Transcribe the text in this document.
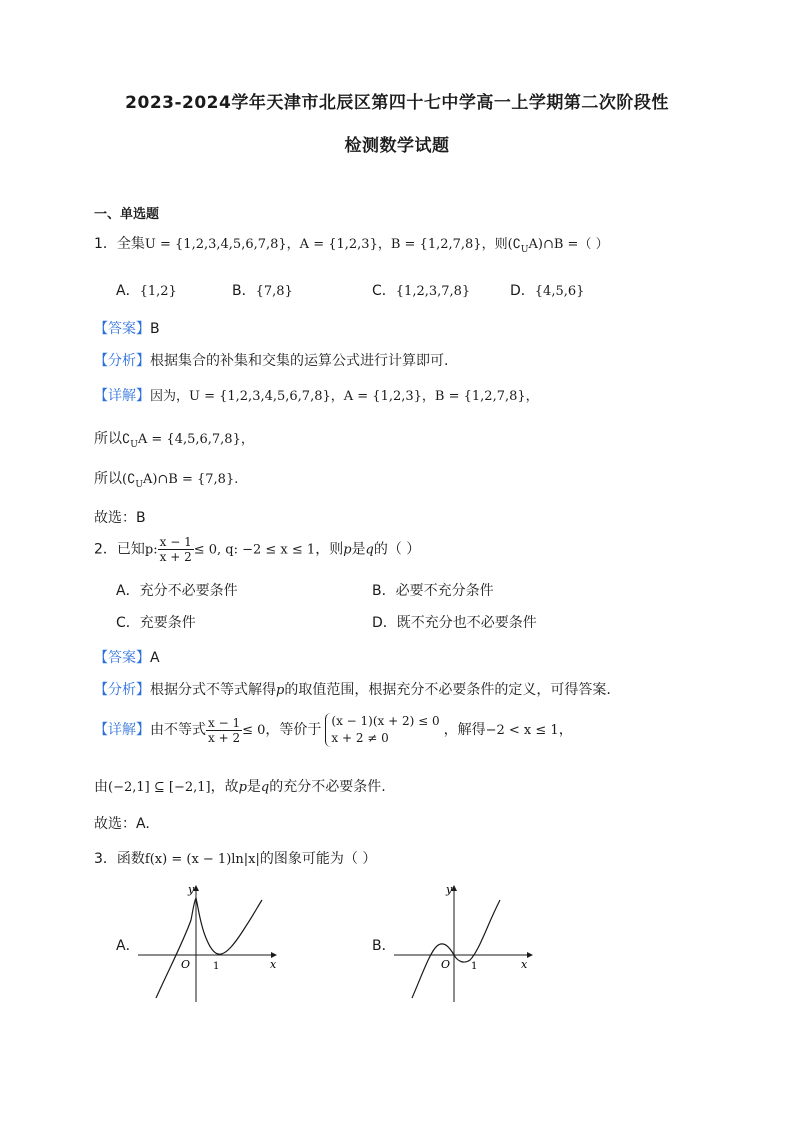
2023-2024学年天津市北辰区第四十七中学高一上学期第二次阶段性
检测数学试题
一、单选题
1．全集U = {1,2,3,4,5,6,7,8}，A = {1,2,3}，B = {1,2,7,8}，则$(∁_UA)\cap B$ =（ ）
A．{1,2}	B．{7,8}	C．{1,2,3,7,8}	D．{4,5,6}
【答案】B
【分析】根据集合的补集和交集的运算公式进行计算即可.
【详解】因为，U = {1,2,3,4,5,6,7,8}，A = {1,2,3}，B = {1,2,7,8}，
所以$∁_UA = \{4,5,6,7,8\}$，
所以$(∁_UA)\cap B = \{7,8\}$.
故选：B
2．已知p: $\frac{x - 1}{x + 2} \le 0$, q: −2 ≤ x ≤ 1，则p是q的（ ）
A．充分不必要条件	B．必要不充分条件
C．充要条件	D．既不充分也不必要条件
【答案】A
【分析】根据分式不等式解得p的取值范围，根据充分不必要条件的定义，可得答案.
【详解】由不等式 $\frac{x - 1}{x + 2} \le 0$，等价于
(x − 1)(x + 2) ≤ 0
x + 2 ≠ 0	，解得−2 < x ≤ 1，
由(−2,1] ⊆ [−2,1]，故p是q的充分不必要条件.
故选：A.
3．函数f(x) = (x − 1)ln|x|的图象可能为（ ）
A．
y
x
O 1
B．
y
x
O 1
